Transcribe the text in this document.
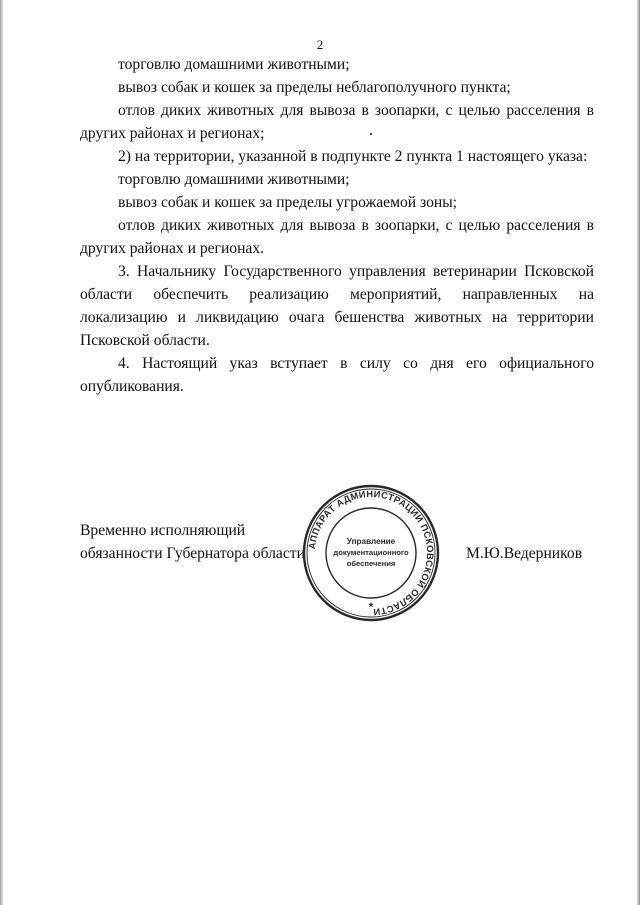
2

торговлю домашними животными;

вывоз собак и кошек за пределы неблагополучного пункта;

отлов диких животных для вывоза в зоопарки, с целью расселения в других районах и регионах;

2) на территории, указанной в подпункте 2 пункта 1 настоящего указа:

торговлю домашними животными;

вывоз собак и кошек за пределы угрожаемой зоны;

отлов диких животных для вывоза в зоопарки, с целью расселения в других районах и регионах.

3. Начальнику Государственного управления ветеринарии Псковской области обеспечить реализацию мероприятий, направленных на локализацию и ликвидацию очага бешенства животных на территории Псковской области.

4. Настоящий указ вступает в силу со дня его официального опубликования.

Временно исполняющий
обязанности Губернатора области	М.Ю.Ведерников
АППАРАТ АДМИНИСТРАЦИИ ПСКОВСКОЙ ОБЛАСТИ
Управление
документационного
обеспечения
*
